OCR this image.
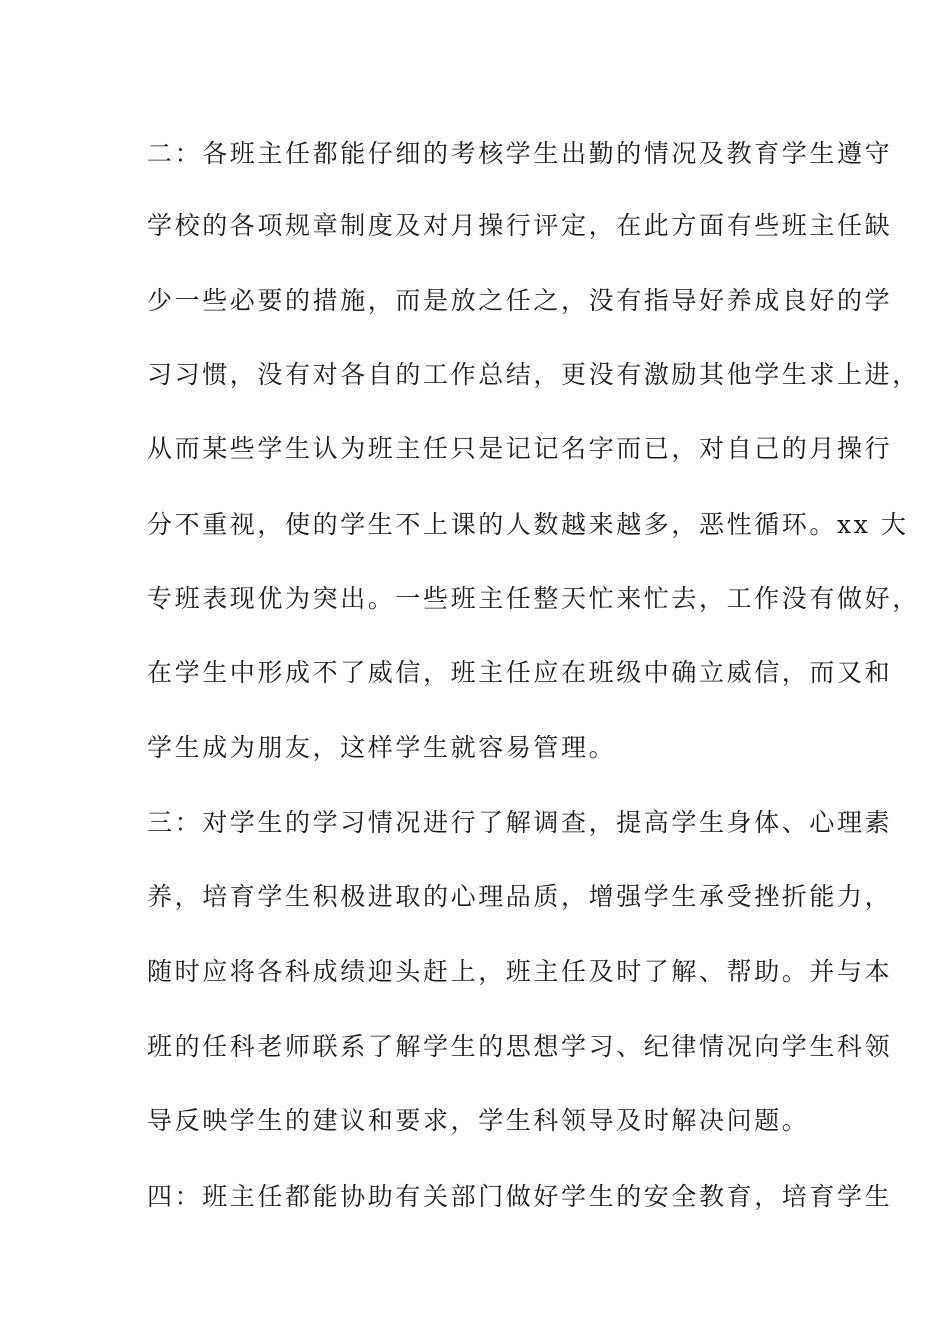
二：各班主任都能仔细的考核学生出勤的情况及教育学生遵守
学校的各项规章制度及对月操行评定，在此方面有些班主任缺
少一些必要的措施，而是放之任之，没有指导好养成良好的学
习习惯，没有对各自的工作总结，更没有激励其他学生求上进，
从而某些学生认为班主任只是记记名字而已，对自己的月操行
分不重视，使的学生不上课的人数越来越多，恶性循环。xx 大
专班表现优为突出。一些班主任整天忙来忙去，工作没有做好，
在学生中形成不了威信，班主任应在班级中确立威信，而又和
学生成为朋友，这样学生就容易管理。
三：对学生的学习情况进行了解调查，提高学生身体、心理素
养，培育学生积极进取的心理品质，增强学生承受挫折能力，
随时应将各科成绩迎头赶上，班主任及时了解、帮助。并与本
班的任科老师联系了解学生的思想学习、纪律情况向学生科领
导反映学生的建议和要求，学生科领导及时解决问题。
四：班主任都能协助有关部门做好学生的安全教育，培育学生
